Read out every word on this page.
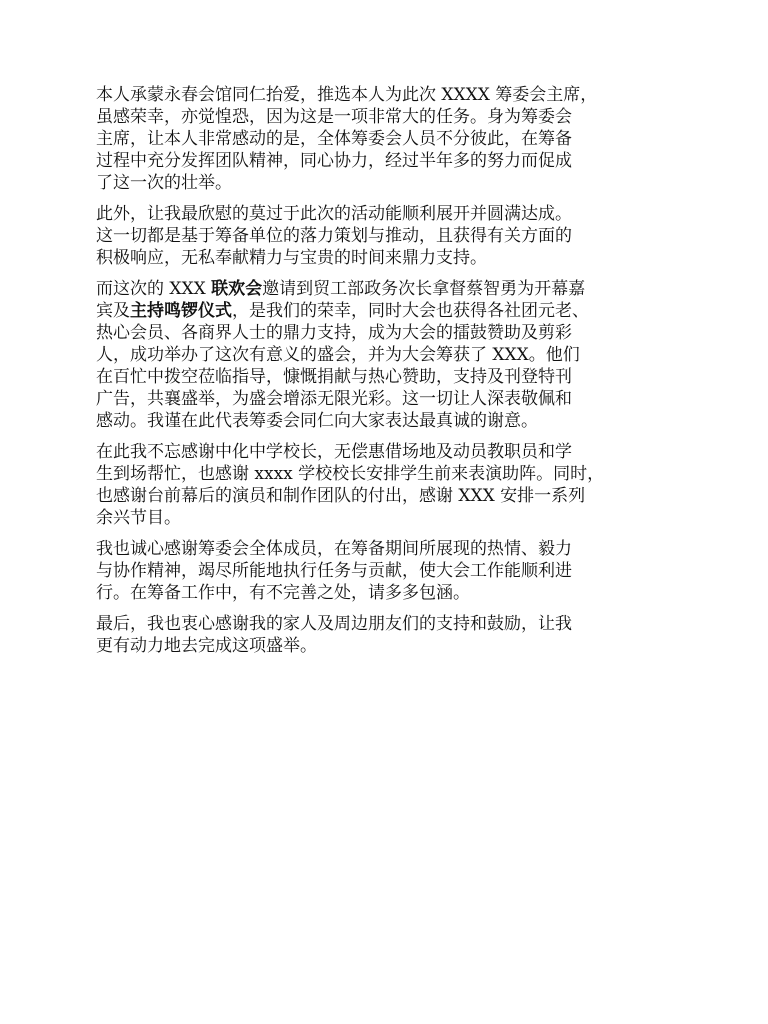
本人承蒙永春会馆同仁抬爱，推选本人为此次 XXXX 筹委会主席，
虽感荣幸，亦觉惶恐，因为这是一项非常大的任务。身为筹委会
主席，让本人非常感动的是，全体筹委会人员不分彼此，在筹备
过程中充分发挥团队精神，同心协力，经过半年多的努力而促成
了这一次的壮举。
此外，让我最欣慰的莫过于此次的活动能顺利展开并圆满达成。
这一切都是基于筹备单位的落力策划与推动，且获得有关方面的
积极响应，无私奉献精力与宝贵的时间来鼎力支持。
而这次的 XXX 联欢会邀请到贸工部政务次长拿督蔡智勇为开幕嘉
宾及主持鸣锣仪式，是我们的荣幸，同时大会也获得各社团元老、
热心会员、各商界人士的鼎力支持，成为大会的擂鼓赞助及剪彩
人，成功举办了这次有意义的盛会，并为大会筹获了 XXX。他们
在百忙中拨空莅临指导，慷慨捐献与热心赞助，支持及刊登特刊
广告，共襄盛举，为盛会增添无限光彩。这一切让人深表敬佩和
感动。我谨在此代表筹委会同仁向大家表达最真诚的谢意。
在此我不忘感谢中化中学校长，无偿惠借场地及动员教职员和学
生到场帮忙，也感谢 xxxx 学校校长安排学生前来表演助阵。同时，
也感谢台前幕后的演员和制作团队的付出，感谢 XXX 安排一系列
余兴节目。
我也诚心感谢筹委会全体成员，在筹备期间所展现的热情、毅力
与协作精神，竭尽所能地执行任务与贡献，使大会工作能顺利进
行。在筹备工作中，有不完善之处，请多多包涵。
最后，我也衷心感谢我的家人及周边朋友们的支持和鼓励，让我
更有动力地去完成这项盛举。
